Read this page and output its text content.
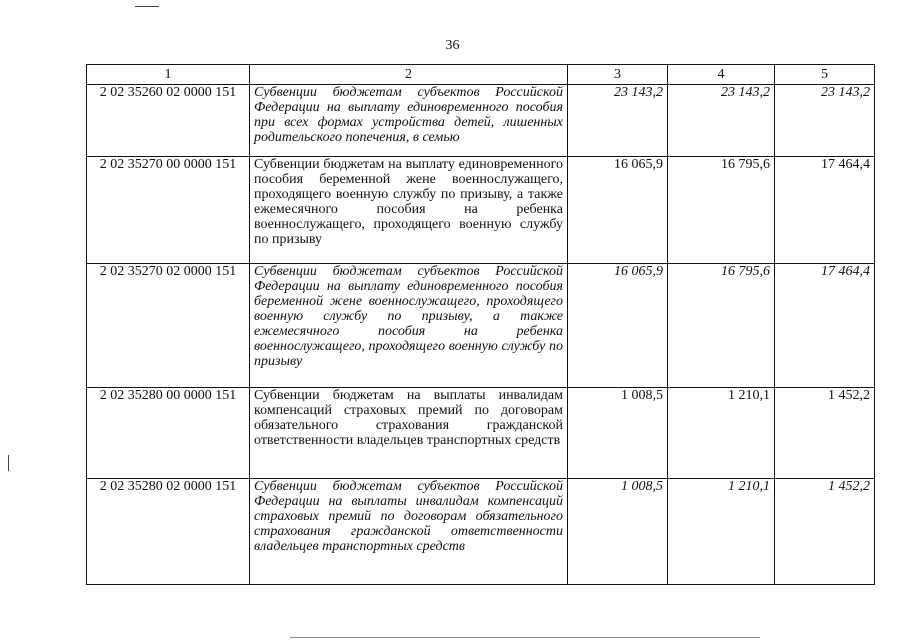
36
1	2	3	4	5
2 02 35260 02 0000 151	Субвенции бюджетам субъектов Российской Федерации на выплату единовременного пособия при всех формах устройства детей, лишенных родительского попечения, в семью	23 143,2	23 143,2	23 143,2
2 02 35270 00 0000 151	Субвенции бюджетам на выплату единовременного пособия беременной жене военнослужащего, проходящего военную службу по призыву, а также ежемесячного пособия на ребенка военнослужащего, проходящего военную службу по призыву	16 065,9	16 795,6	17 464,4
2 02 35270 02 0000 151	Субвенции бюджетам субъектов Российской Федерации на выплату единовременного пособия беременной жене военнослужащего, проходящего военную службу по призыву, а также ежемесячного пособия на ребенка военнослужащего, проходящего военную службу по призыву	16 065,9	16 795,6	17 464,4
2 02 35280 00 0000 151	Субвенции бюджетам на выплаты инвалидам компенсаций страховых премий по договорам обязательного страхования гражданской ответственности владельцев транспортных средств	1 008,5	1 210,1	1 452,2
2 02 35280 02 0000 151	Субвенции бюджетам субъектов Российской Федерации на выплаты инвалидам компенсаций страховых премий по договорам обязательного страхования гражданской ответственности владельцев транспортных средств	1 008,5	1 210,1	1 452,2
